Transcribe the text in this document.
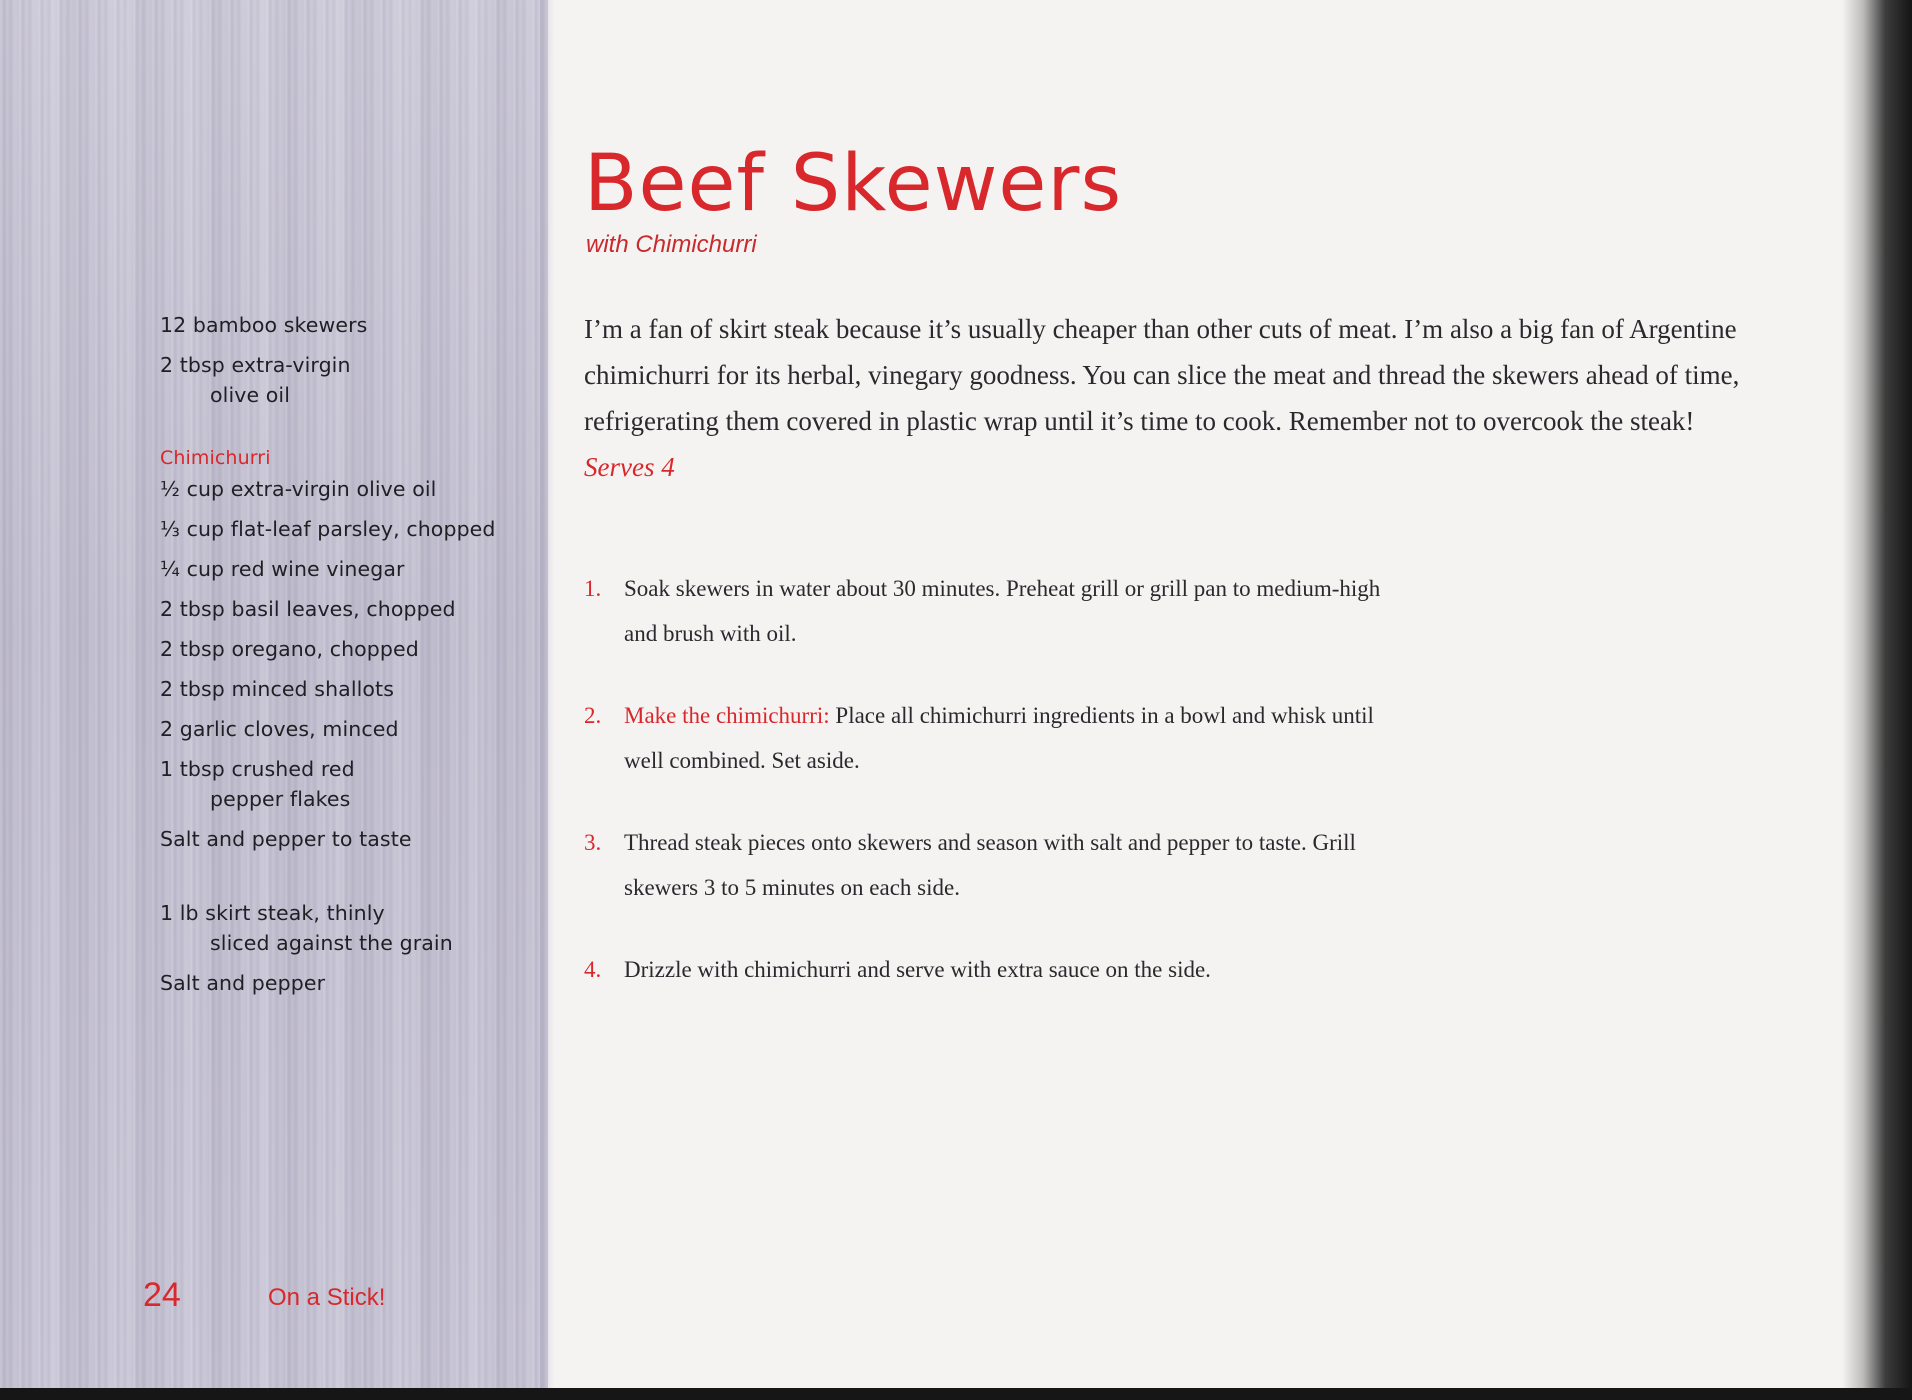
12 bamboo skewers
2 tbsp extra-virgin
olive oil
Chimichurri
½ cup extra-virgin olive oil
⅓ cup flat-leaf parsley, chopped
¼ cup red wine vinegar
2 tbsp basil leaves, chopped
2 tbsp oregano, chopped
2 tbsp minced shallots
2 garlic cloves, minced
1 tbsp crushed red
pepper flakes
Salt and pepper to taste
1 lb skirt steak, thinly
sliced against the grain
Salt and pepper
24	On a Stick!
Beef Skewers
with Chimichurri

I’m a fan of skirt steak because it’s usually cheaper than other cuts of meat. I’m also a big fan of Argentine chimichurri for its herbal, vinegary goodness. You can slice the meat and thread the skewers ahead of time, refrigerating them covered in plastic wrap until it’s time to cook. Remember not to overcook the steak! Serves 4

1. Soak skewers in water about 30 minutes. Preheat grill or grill pan to medium-high and brush with oil.
2. Make the chimichurri: Place all chimichurri ingredients in a bowl and whisk until well combined. Set aside.
3. Thread steak pieces onto skewers and season with salt and pepper to taste. Grill skewers 3 to 5 minutes on each side.
4. Drizzle with chimichurri and serve with extra sauce on the side.
